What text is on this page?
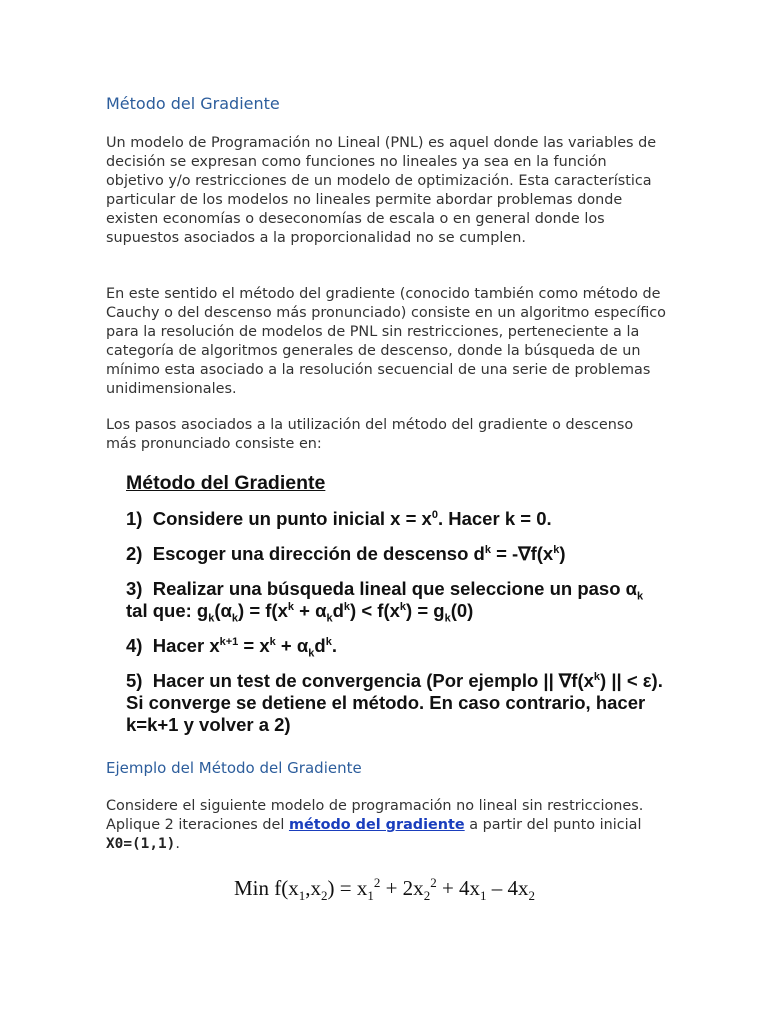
Método del Gradiente
Un modelo de Programación no Lineal (PNL) es aquel donde las variables de decisión se expresan como funciones no lineales ya sea en la función objetivo y/o restricciones de un modelo de optimización. Esta característica particular de los modelos no lineales permite abordar problemas donde existen economías o deseconomías de escala o en general donde los supuestos asociados a la proporcionalidad no se cumplen.
En este sentido el método del gradiente (conocido también como método de Cauchy o del descenso más pronunciado) consiste en un algoritmo específico para la resolución de modelos de PNL sin restricciones, perteneciente a la categoría de algoritmos generales de descenso, donde la búsqueda de un mínimo esta asociado a la resolución secuencial de una serie de problemas unidimensionales.
Los pasos asociados a la utilización del método del gradiente o descenso más pronunciado consiste en:
Método del Gradiente
1) Considere un punto inicial $x = x^0$. Hacer k = 0.
2) Escoger una dirección de descenso $d^k = -\nabla f(x^k)$
3) Realizar una búsqueda lineal que seleccione un paso $\alpha_k$
tal que: $g_k(\alpha_k) = f(x^k + \alpha_kd^k) < f(x^k) = g_k(0)$
4) Hacer $x^{k+1} = x^k + \alpha_kd^k$.
5) Hacer un test de convergencia (Por ejemplo || $\nabla f(x^k)$ || < ε).
Si converge se detiene el método. En caso contrario, hacer
k=k+1 y volver a 2)
Ejemplo del Método del Gradiente
Considere el siguiente modelo de programación no lineal sin restricciones. Aplique 2 iteraciones del método del gradiente a partir del punto inicial X0=(1,1).
Min $f(x_1,x_2) = x_1^2 + 2x_2^2 + 4x_1 - 4x_2$
